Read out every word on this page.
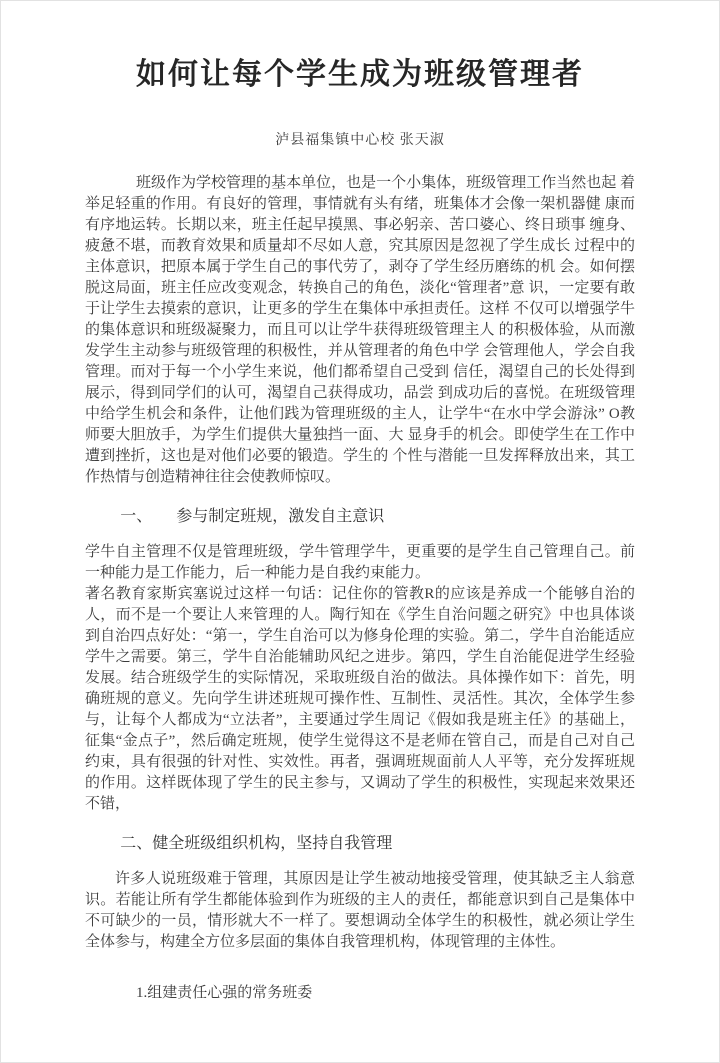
如何让每个学生成为班级管理者
泸县福集镇中心校 张天淑

班级作为学校管理的基本单位，也是一个小集体，班级管理工作当然也起 着举足轻重的作用。有良好的管理，事情就有头有绪，班集体才会像一架机器健 康而有序地运转。长期以来，班主任起早摸黑、事必躬亲、苦口婆心、终日琐事 缠身、疲惫不堪，而教育效果和质量却不尽如人意，究其原因是忽视了学生成长 过程中的主体意识，把原本属于学生自己的事代劳了，剥夺了学生经历磨练的机 会。如何摆脱这局面，班主任应改变观念，转换自己的角色，淡化“管理者”意 识，一定要有敢于让学生去摸索的意识，让更多的学生在集体中承担责任。这样 不仅可以增强学牛的集体意识和班级凝聚力，而且可以让学牛获得班级管理主人 的积极体验，从而激发学生主动参与班级管理的积极性，并从管理者的角色中学 会管理他人，学会自我管理。而对于每一个小学生来说，他们都希望自己受到 信任，渴望自己的长处得到展示，得到同学们的认可，渴望自己获得成功，品尝 到成功后的喜悦。在班级管理中给学生机会和条件，让他们践为管理班级的主人，让学牛“在水中学会游泳” O教师要大胆放手，为学生们提供大量独挡一面、大 显身手的机会。即使学生在工作中遭到挫折，这也是对他们必要的锻造。学生的 个性与潜能一旦发挥释放出来，其工作热情与创造精神往往会使教师惊叹。

一、　　参与制定班规，激发自主意识

学牛自主管理不仅是管理班级，学牛管理学牛，更重要的是学生自己管理自己。前一种能力是工作能力，后一种能力是自我约束能力。

著名教育家斯宾塞说过这样一句话：记住你的管教R的应该是养成一个能够自治的人，而不是一个要让人来管理的人。陶行知在《学生自治问题之研究》中也具体谈到自治四点好处：“第一，学生自治可以为修身伦理的实验。第二，学牛自治能适应学牛之需要。第三，学牛自治能辅助风纪之进步。第四，学生自治能促进学生经验发展。结合班级学生的实际情况，采取班级自治的做法。具体操作如下：首先，明确班规的意义。先向学生讲述班规可操作性、互制性、灵活性。其次，全体学生参与，让每个人都成为“立法者”，主要通过学生周记《假如我是班主任》的基础上，征集“金点子”，然后确定班规，使学生觉得这不是老师在管自己，而是自己对自己约束，具有很强的针对性、实效性。再者，强调班规面前人人平等，充分发挥班规的作用。这样既体现了学生的民主参与，又调动了学生的积极性，实现起来效果还不错，

二、健全班级组织机构，坚持自我管理

许多人说班级难于管理，其原因是让学生被动地接受管理，使其缺乏主人翁意识。若能让所有学生都能体验到作为班级的主人的责任，都能意识到自己是集体中不可缺少的一员，情形就大不一样了。要想调动全体学生的积极性，就必须让学生全体参与，构建全方位多层面的集体自我管理机构，体现管理的主体性。

1.组建责任心强的常务班委
